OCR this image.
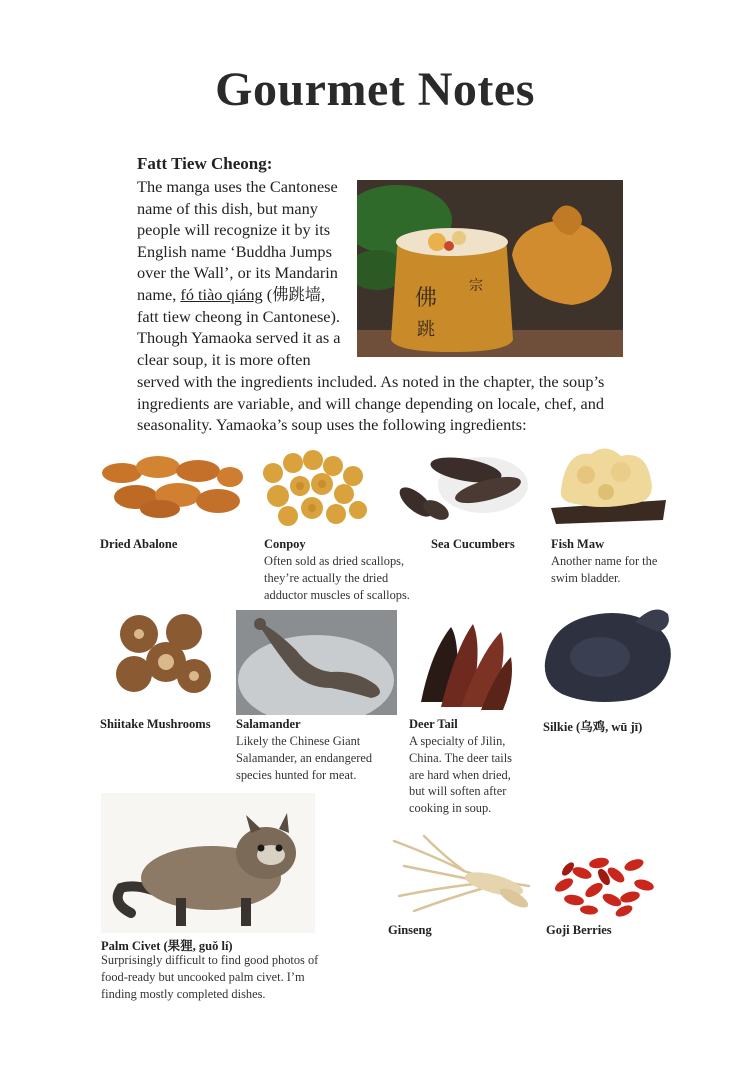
Gourmet Notes
Fatt Tiew Cheong:
The manga uses the Cantonese name of this dish, but many people will recognize it by its English name ‘Buddha Jumps over the Wall’, or its Mandarin name, fó tiào qiáng (佛跳墙, fatt tiew cheong in Cantonese). Though Yamaoka served it as a clear soup, it is more often
served with the ingredients included. As noted in the chapter, the soup’s ingredients are variable, and will change depending on locale, chef, and seasonality. Yamaoka’s soup uses the following ingredients:
佛
跳
宗
Dried Abalone	Conpoy
Often sold as dried scallops, they’re actually the dried adductor muscles of scallops.
Sea Cucumbers	Fish Maw
Another name for the swim bladder.
Shiitake Mushrooms Salamander
Likely the Chinese Giant Salamander, an endangered species hunted for meat.
Deer Tail
A specialty of Jilin, China. The deer tails are hard when dried, but will soften after cooking in soup.
Silkie (乌鸡, wū jī)
Palm Civet (果狸, guǒ lí)
Surprisingly difficult to find good photos of food-ready but uncooked palm civet. I’m finding mostly completed dishes.
Ginseng	Goji Berries
